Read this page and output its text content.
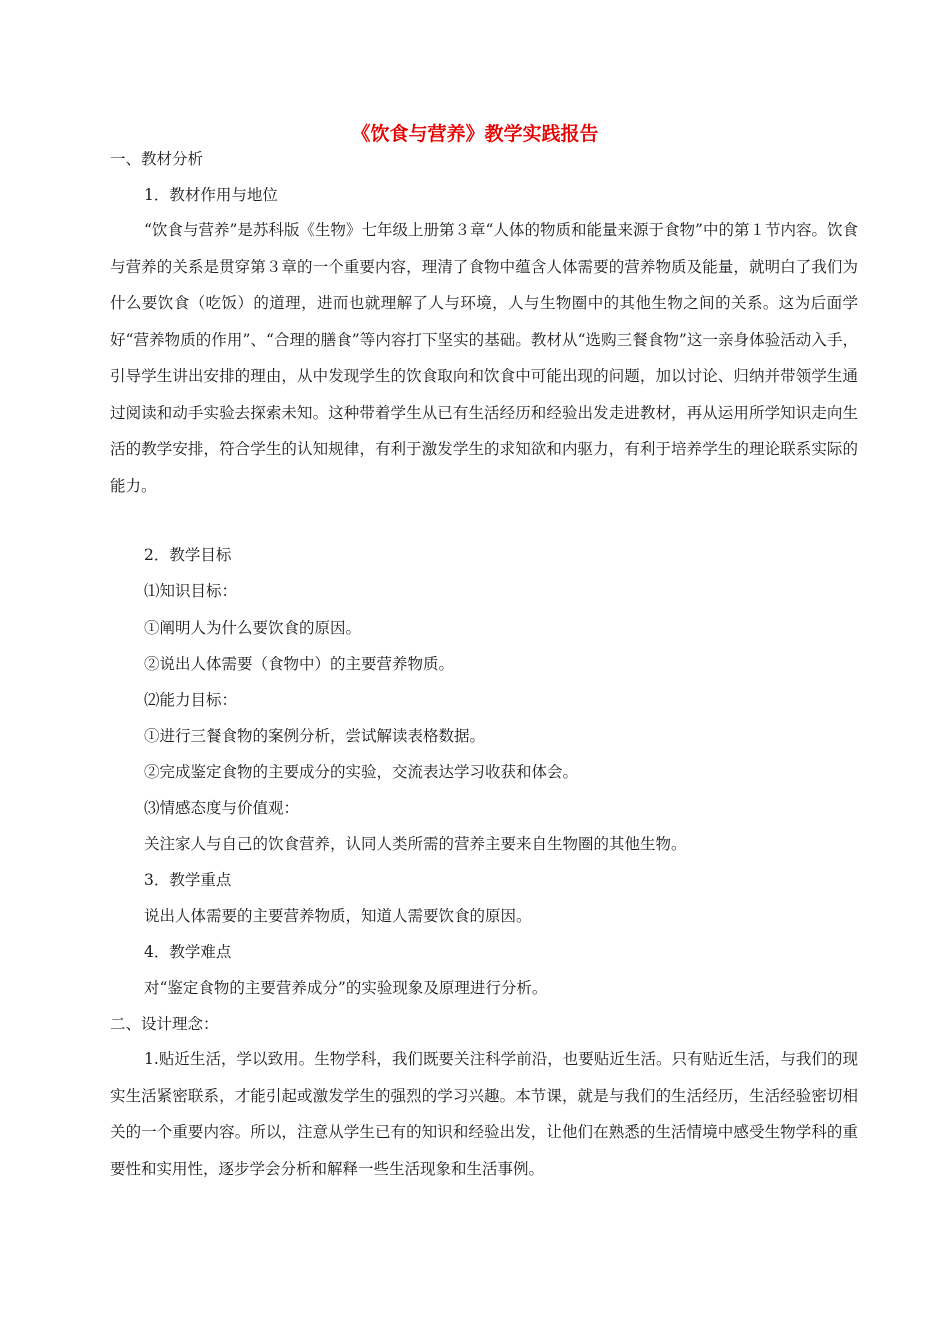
《饮食与营养》教学实践报告
一、教材分析
1．教材作用与地位
“饮食与营养”是苏科版《生物》七年级上册第３章“人体的物质和能量来源于食物”中的第１节内容。饮食与营养的关系是贯穿第３章的一个重要内容，理清了食物中蕴含人体需要的营养物质及能量，就明白了我们为什么要饮食（吃饭）的道理，进而也就理解了人与环境，人与生物圈中的其他生物之间的关系。这为后面学好“营养物质的作用”、“合理的膳食”等内容打下坚实的基础。教材从“选购三餐食物”这一亲身体验活动入手，引导学生讲出安排的理由，从中发现学生的饮食取向和饮食中可能出现的问题，加以讨论、归纳并带领学生通过阅读和动手实验去探索未知。这种带着学生从已有生活经历和经验出发走进教材，再从运用所学知识走向生活的教学安排，符合学生的认知规律，有利于激发学生的求知欲和内驱力，有利于培养学生的理论联系实际的能力。
2．教学目标
⑴知识目标：
①阐明人为什么要饮食的原因。
②说出人体需要（食物中）的主要营养物质。
⑵能力目标：
①进行三餐食物的案例分析，尝试解读表格数据。
②完成鉴定食物的主要成分的实验，交流表达学习收获和体会。
⑶情感态度与价值观：
关注家人与自己的饮食营养，认同人类所需的营养主要来自生物圈的其他生物。
3．教学重点
说出人体需要的主要营养物质，知道人需要饮食的原因。
4．教学难点
对“鉴定食物的主要营养成分”的实验现象及原理进行分析。
二、设计理念：
1.贴近生活，学以致用。生物学科，我们既要关注科学前沿，也要贴近生活。只有贴近生活，与我们的现实生活紧密联系，才能引起或激发学生的强烈的学习兴趣。本节课，就是与我们的生活经历，生活经验密切相关的一个重要内容。所以，注意从学生已有的知识和经验出发，让他们在熟悉的生活情境中感受生物学科的重要性和实用性，逐步学会分析和解释一些生活现象和生活事例。
